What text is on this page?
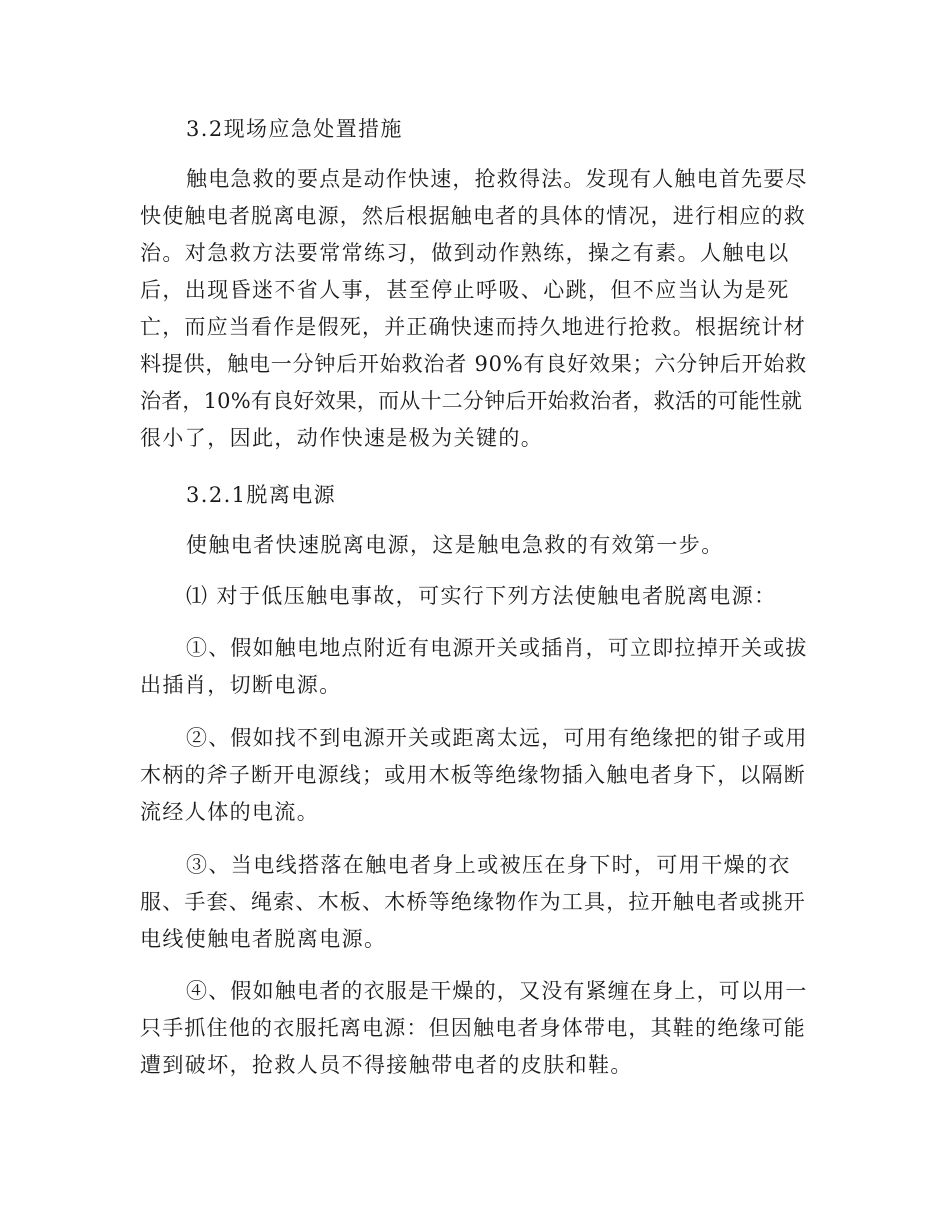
3.2现场应急处置措施
触电急救的要点是动作快速，抢救得法。发现有人触电首先要尽
快使触电者脱离电源，然后根据触电者的具体的情况，进行相应的救
治。对急救方法要常常练习，做到动作熟练，操之有素。人触电以
后，出现昏迷不省人事，甚至停止呼吸、心跳，但不应当认为是死
亡，而应当看作是假死，并正确快速而持久地进行抢救。根据统计材
料提供，触电一分钟后开始救治者 90%有良好效果；六分钟后开始救
治者，10%有良好效果，而从十二分钟后开始救治者，救活的可能性就
很小了，因此，动作快速是极为关键的。
3.2.1脱离电源
使触电者快速脱离电源，这是触电急救的有效第一步。
⑴ 对于低压触电事故，可实行下列方法使触电者脱离电源：
①、假如触电地点附近有电源开关或插肖，可立即拉掉开关或拔
出插肖，切断电源。
②、假如找不到电源开关或距离太远，可用有绝缘把的钳子或用
木柄的斧子断开电源线；或用木板等绝缘物插入触电者身下，以隔断
流经人体的电流。
③、当电线搭落在触电者身上或被压在身下时，可用干燥的衣
服、手套、绳索、木板、木桥等绝缘物作为工具，拉开触电者或挑开
电线使触电者脱离电源。
④、假如触电者的衣服是干燥的，又没有紧缠在身上，可以用一
只手抓住他的衣服托离电源：但因触电者身体带电，其鞋的绝缘可能
遭到破坏，抢救人员不得接触带电者的皮肤和鞋。
